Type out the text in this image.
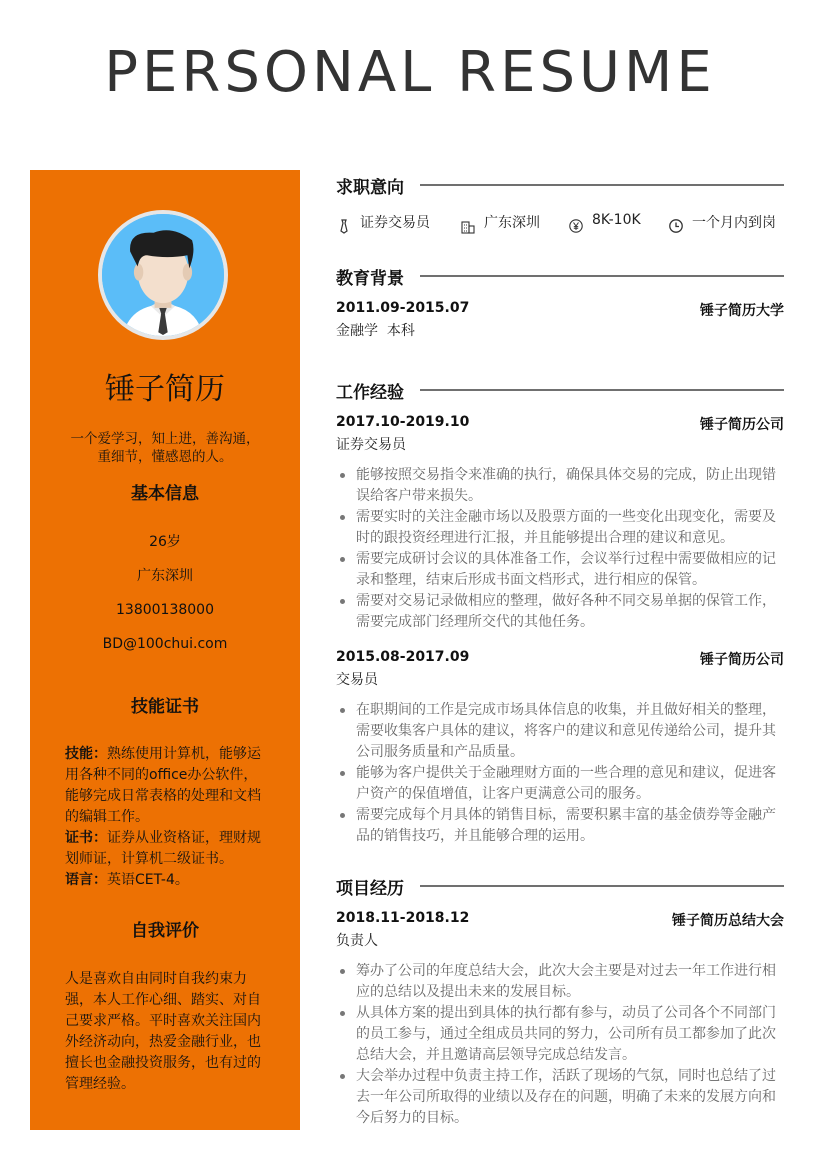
PERSONAL RESUME
锤子简历
一个爱学习，知上进，善沟通，
重细节，懂感恩的人。
基本信息
26岁
广东深圳
13800138000
BD@100chui.com
技能证书
技能：熟练使用计算机，能够运用各种不同的office办公软件，能够完成日常表格的处理和文档的编辑工作。
证书：证券从业资格证，理财规划师证，计算机二级证书。
语言：英语CET-4。
自我评价
人是喜欢自由同时自我约束力强，本人工作心细、踏实、对自己要求严格。平时喜欢关注国内外经济动向，热爱金融行业，也擅长也金融投资服务，也有过的管理经验。
求职意向
证券交易员	广东深圳	8K-10K	一个月内到岗
教育背景
2011.09-2015.07	锤子简历大学
金融学  本科
工作经验
2017.10-2019.10	锤子简历公司
证券交易员
能够按照交易指令来准确的执行，确保具体交易的完成，防止出现错误给客户带来损失。
需要实时的关注金融市场以及股票方面的一些变化出现变化，需要及时的跟投资经理进行汇报，并且能够提出合理的建议和意见。
需要完成研讨会议的具体准备工作，会议举行过程中需要做相应的记录和整理，结束后形成书面文档形式，进行相应的保管。
需要对交易记录做相应的整理，做好各种不同交易单据的保管工作，需要完成部门经理所交代的其他任务。
2015.08-2017.09	锤子简历公司
交易员
在职期间的工作是完成市场具体信息的收集，并且做好相关的整理，需要收集客户具体的建议，将客户的建议和意见传递给公司，提升其公司服务质量和产品质量。
能够为客户提供关于金融理财方面的一些合理的意见和建议，促进客户资产的保值增值，让客户更满意公司的服务。
需要完成每个月具体的销售目标，需要积累丰富的基金债券等金融产品的销售技巧，并且能够合理的运用。
项目经历
2018.11-2018.12	锤子简历总结大会
负责人
筹办了公司的年度总结大会，此次大会主要是对过去一年工作进行相应的总结以及提出未来的发展目标。
从具体方案的提出到具体的执行都有参与，动员了公司各个不同部门的员工参与，通过全组成员共同的努力，公司所有员工都参加了此次总结大会，并且邀请高层领导完成总结发言。
大会举办过程中负责主持工作，活跃了现场的气氛，同时也总结了过去一年公司所取得的业绩以及存在的问题，明确了未来的发展方向和今后努力的目标。
